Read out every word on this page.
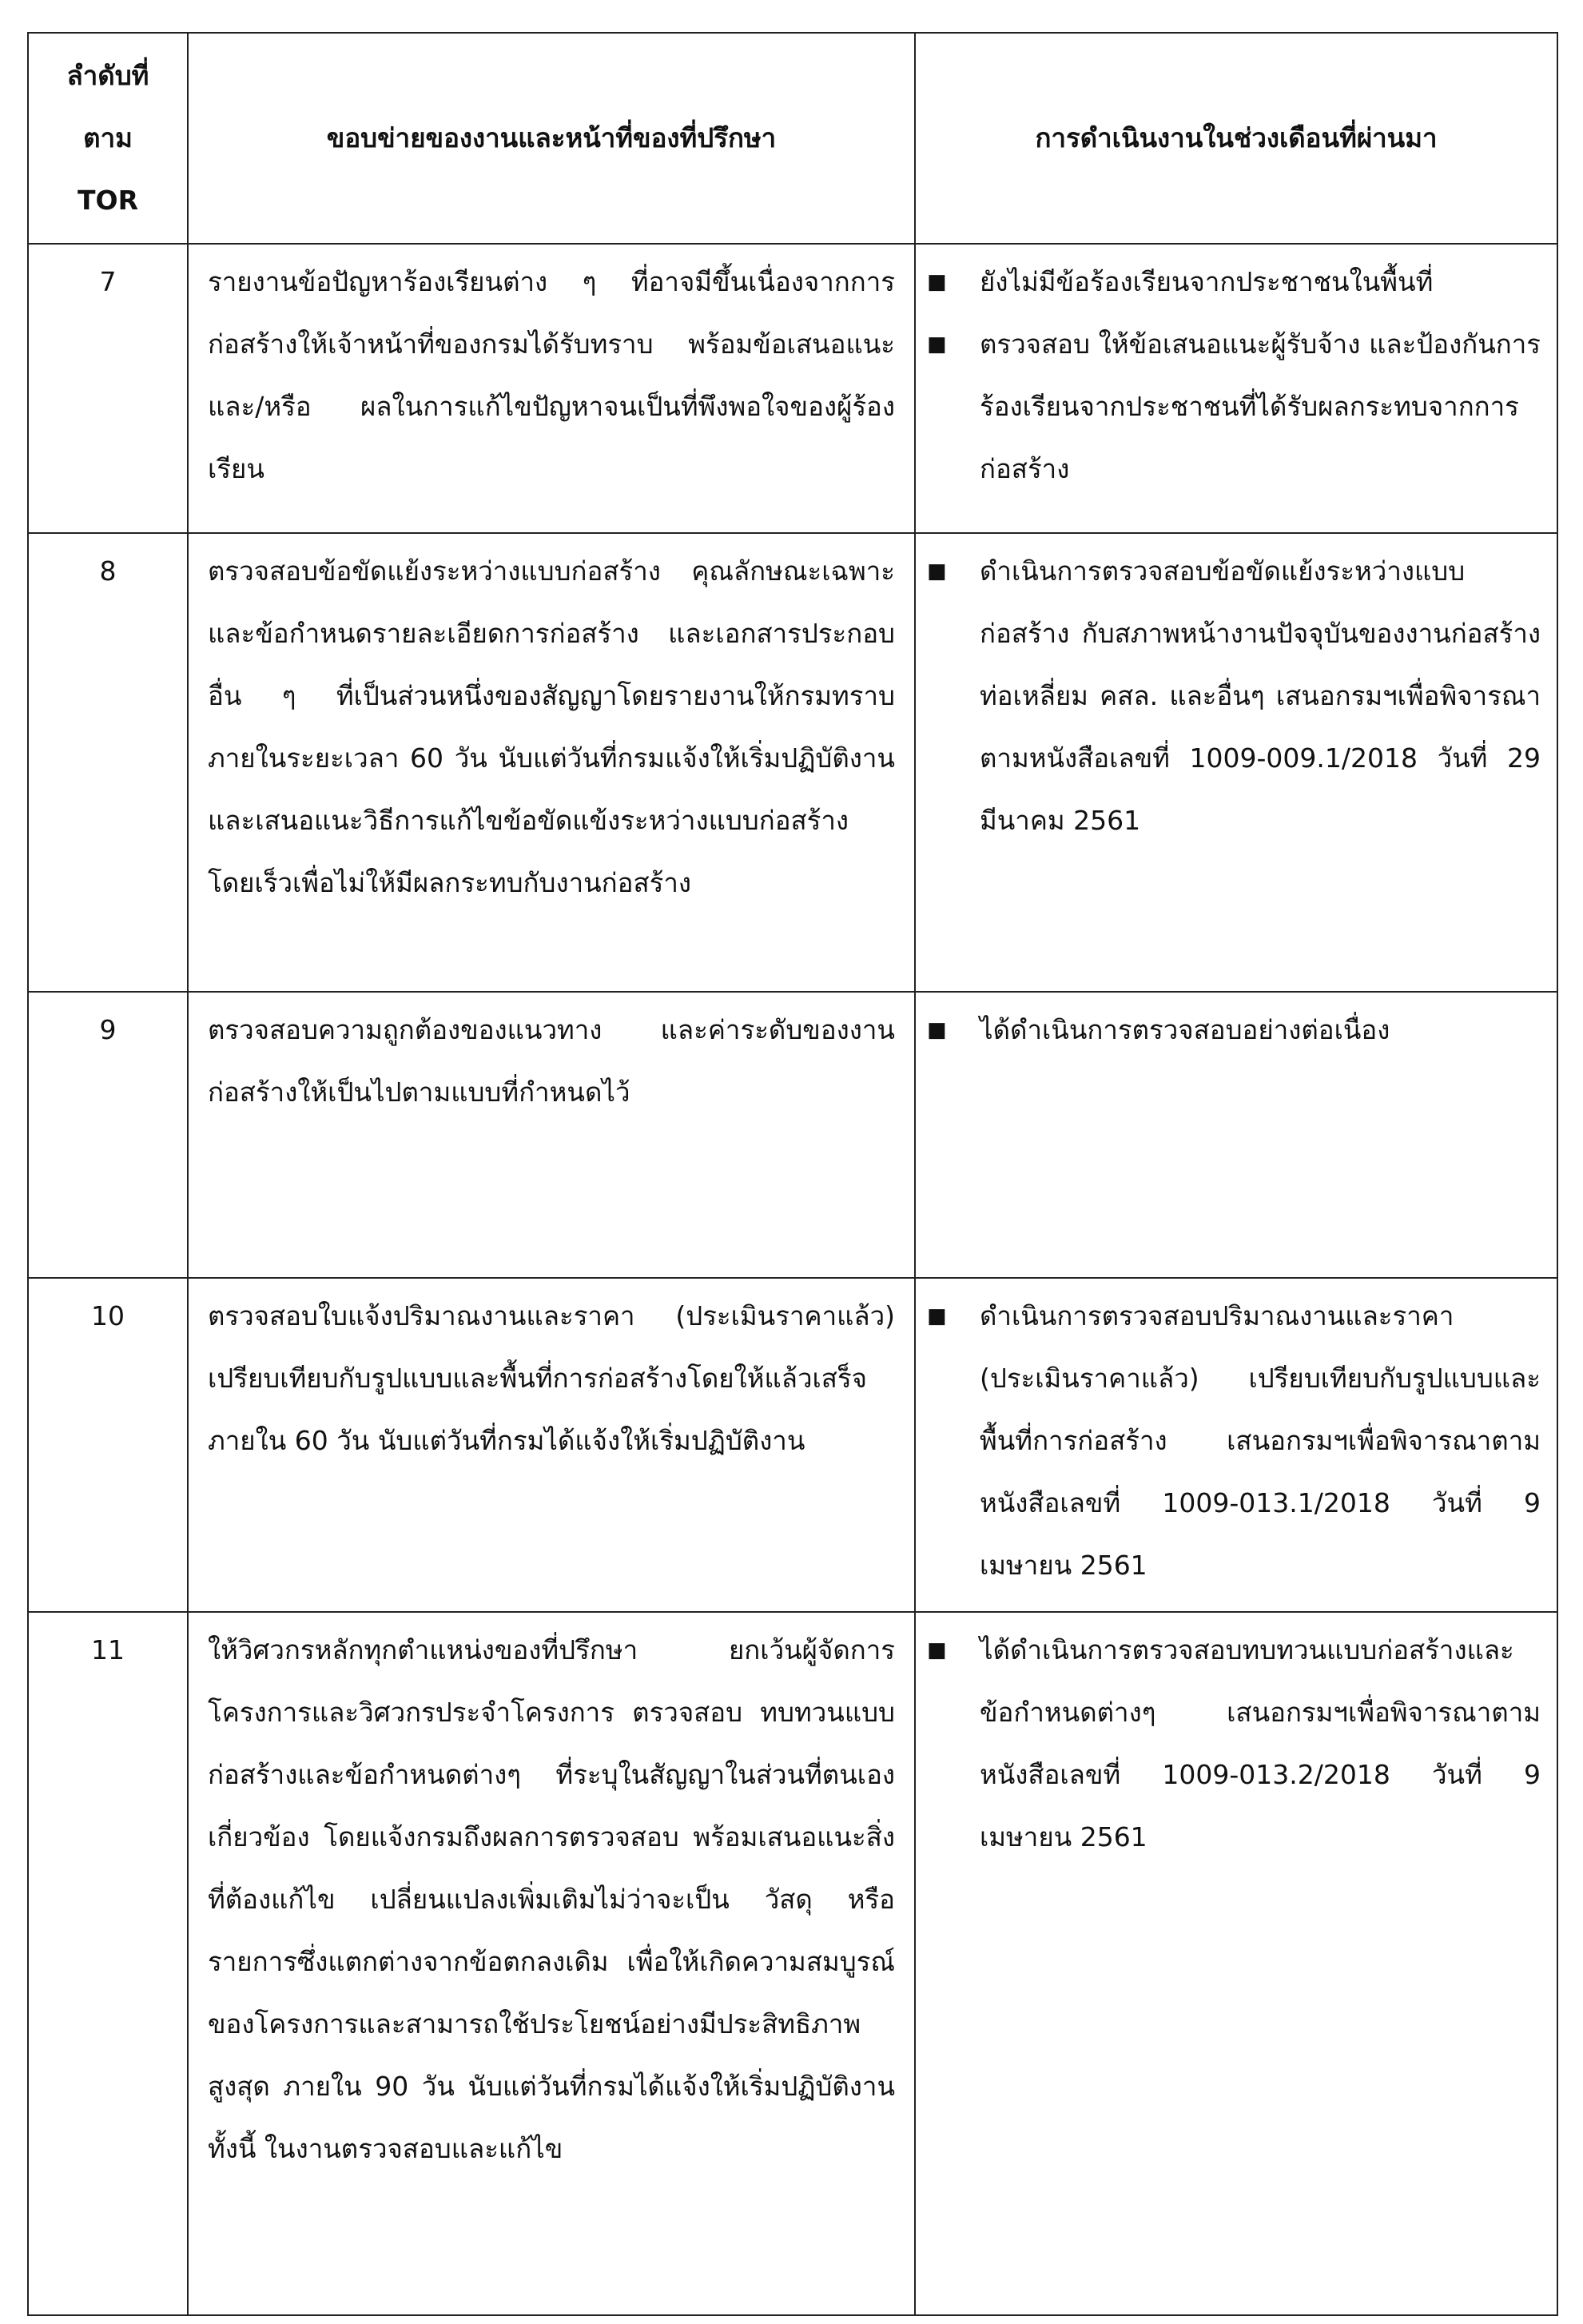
ลำดับที่
ตาม
TOR	ขอบข่ายของงานและหน้าที่ของที่ปรึกษา	การดำเนินงานในช่วงเดือนที่ผ่านมา
7	รายงานข้อปัญหาร้องเรียนต่าง ๆ ที่อาจมีขึ้นเนื่องจากการก่อสร้างให้เจ้าหน้าที่ของกรมได้รับทราบ พร้อมข้อเสนอแนะ และ/หรือ ผลในการแก้ไขปัญหาจนเป็นที่พึงพอใจของผู้ร้องเรียน	■ ยังไม่มีข้อร้องเรียนจากประชาชนในพื้นที่
■ ตรวจสอบ ให้ข้อเสนอแนะผู้รับจ้าง และป้องกันการร้องเรียนจากประชาชนที่ได้รับผลกระทบจากการก่อสร้าง

8	ตรวจสอบข้อขัดแย้งระหว่างแบบก่อสร้าง คุณลักษณะเฉพาะและข้อกำหนดรายละเอียดการก่อสร้าง และเอกสารประกอบอื่น ๆ ที่เป็นส่วนหนึ่งของสัญญาโดยรายงานให้กรมทราบภายในระยะเวลา 60 วัน นับแต่วันที่กรมแจ้งให้เริ่มปฏิบัติงาน และเสนอแนะวิธีการแก้ไขข้อขัดแข้งระหว่างแบบก่อสร้างโดยเร็วเพื่อไม่ให้มีผลกระทบกับงานก่อสร้าง	■ ดำเนินการตรวจสอบข้อขัดแย้งระหว่างแบบก่อสร้าง กับสภาพหน้างานปัจจุบันของงานก่อสร้างท่อเหลี่ยม คสล. และอื่นๆ เสนอกรมฯเพื่อพิจารณา ตามหนังสือเลขที่ 1009-009.1/2018 วันที่ 29 มีนาคม 2561

9	ตรวจสอบความถูกต้องของแนวทาง และค่าระดับของงานก่อสร้างให้เป็นไปตามแบบที่กำหนดไว้	■ ได้ดำเนินการตรวจสอบอย่างต่อเนื่อง

10	ตรวจสอบใบแจ้งปริมาณงานและราคา (ประเมินราคาแล้ว) เปรียบเทียบกับรูปแบบและพื้นที่การก่อสร้างโดยให้แล้วเสร็จภายใน 60 วัน นับแต่วันที่กรมได้แจ้งให้เริ่มปฏิบัติงาน	■ ดำเนินการตรวจสอบปริมาณงานและราคา (ประเมินราคาแล้ว) เปรียบเทียบกับรูปแบบและพื้นที่การก่อสร้าง เสนอกรมฯเพื่อพิจารณาตามหนังสือเลขที่ 1009-013.1/2018 วันที่ 9 เมษายน 2561

11	ให้วิศวกรหลักทุกตำแหน่งของที่ปรึกษา ยกเว้นผู้จัดการโครงการและวิศวกรประจำโครงการ ตรวจสอบ ทบทวนแบบก่อสร้างและข้อกำหนดต่างๆ ที่ระบุในสัญญาในส่วนที่ตนเองเกี่ยวข้อง โดยแจ้งกรมถึงผลการตรวจสอบ พร้อมเสนอแนะสิ่งที่ต้องแก้ไข เปลี่ยนแปลงเพิ่มเติมไม่ว่าจะเป็น วัสดุ หรือรายการซึ่งแตกต่างจากข้อตกลงเดิม เพื่อให้เกิดความสมบูรณ์ของโครงการและสามารถใช้ประโยชน์อย่างมีประสิทธิภาพสูงสุด ภายใน 90 วัน นับแต่วันที่กรมได้แจ้งให้เริ่มปฏิบัติงาน ทั้งนี้ ในงานตรวจสอบและแก้ไข	■ ได้ดำเนินการตรวจสอบทบทวนแบบก่อสร้างและข้อกำหนดต่างๆ เสนอกรมฯเพื่อพิจารณาตามหนังสือเลขที่ 1009-013.2/2018 วันที่ 9 เมษายน 2561
